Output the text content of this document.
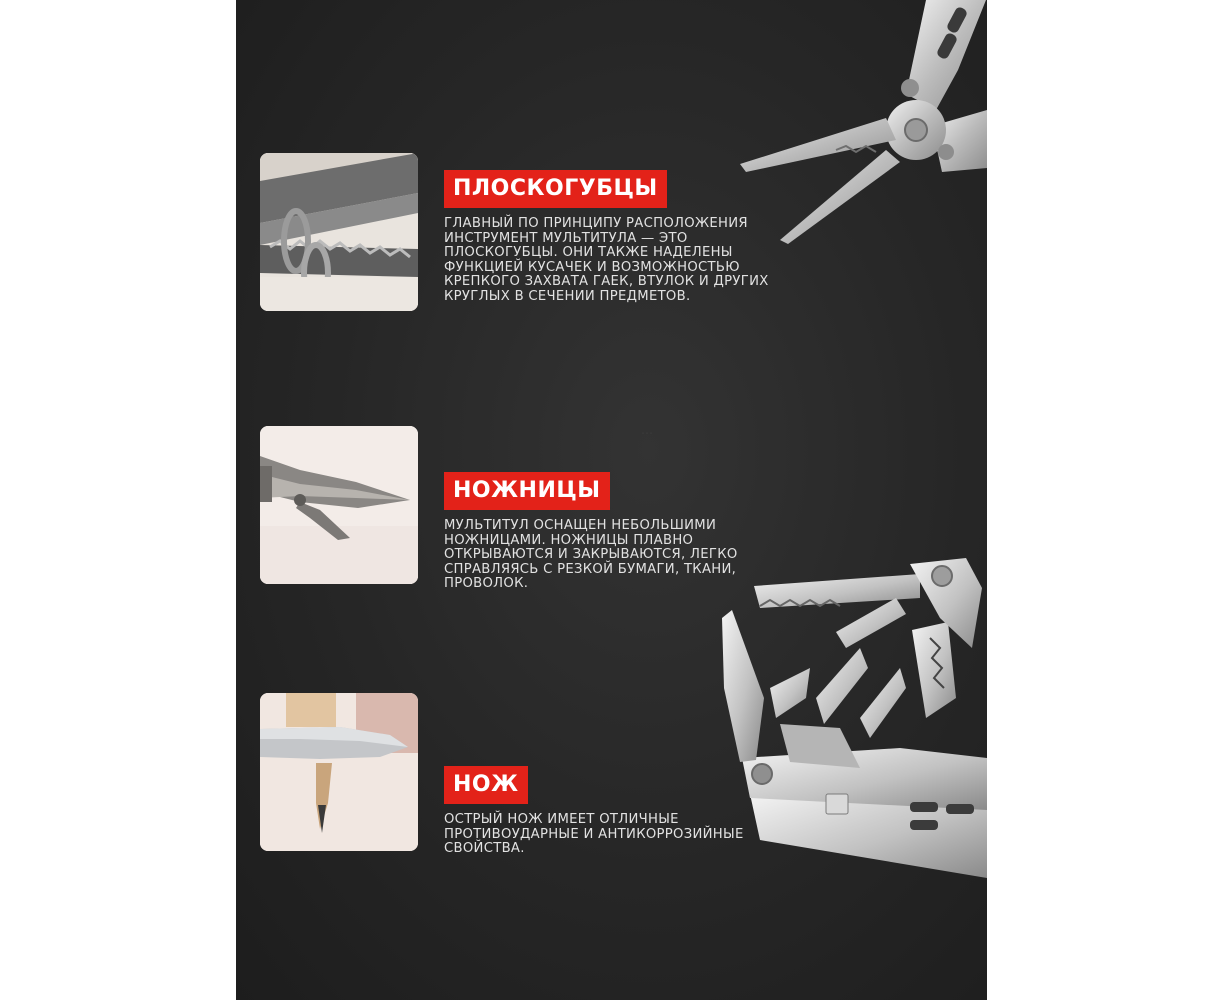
ПЛОСКОГУБЦЫ
ГЛАВНЫЙ ПО ПРИНЦИПУ РАСПОЛОЖЕНИЯ ИНСТРУМЕНТ МУЛЬТИТУЛА — ЭТО ПЛОСКОГУБЦЫ. ОНИ ТАКЖЕ НАДЕЛЕНЫ ФУНКЦИЕЙ КУСАЧЕК И ВОЗМОЖНОСТЬЮ КРЕПКОГО ЗАХВАТА ГАЕК, ВТУЛОК И ДРУГИХ КРУГЛЫХ В СЕЧЕНИИ ПРЕДМЕТОВ.
НОЖНИЦЫ
МУЛЬТИТУЛ ОСНАЩЕН НЕБОЛЬШИМИ НОЖНИЦАМИ. НОЖНИЦЫ ПЛАВНО ОТКРЫВАЮТСЯ И ЗАКРЫВАЮТСЯ, ЛЕГКО СПРАВЛЯЯСЬ С РЕЗКОЙ БУМАГИ, ТКАНИ, ПРОВОЛОК.
НОЖ
ОСТРЫЙ НОЖ ИМЕЕТ ОТЛИЧНЫЕ ПРОТИВОУДАРНЫЕ И АНТИКОРРОЗИЙНЫЕ СВОЙСТВА.
⋯
